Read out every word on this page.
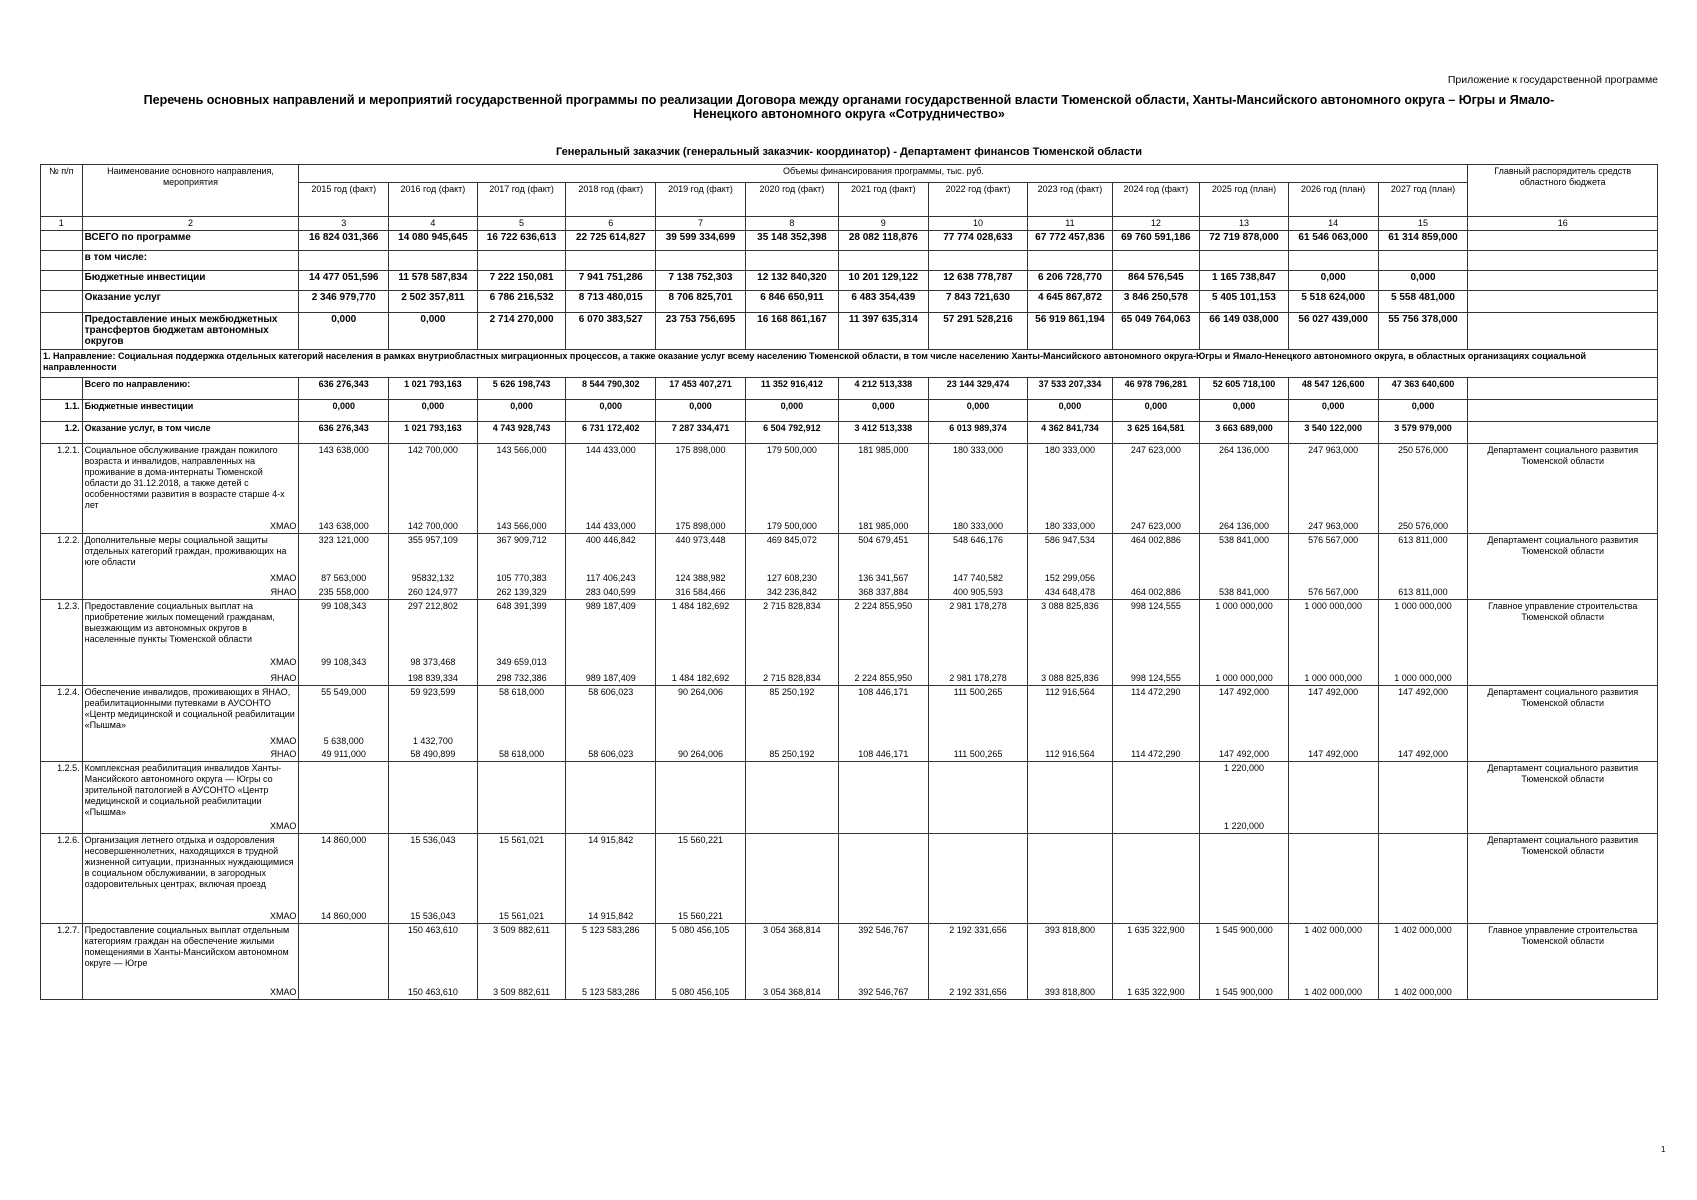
Приложение к государственной программе
Перечень основных направлений и мероприятий государственной программы по реализации Договора между органами государственной власти Тюменской области, Ханты-Мансийского автономного округа – Югры и Ямало-
Ненецкого автономного округа «Сотрудничество»
Генеральный заказчик (генеральный заказчик- координатор) - Департамент финансов Тюменской области
№ п/п	Наименование основного направления, мероприятия	Объемы финансирования программы, тыс. руб.													Главный распорядитель средств областного бюджета
		2015 год (факт)	2016 год (факт)	2017 год (факт)	2018 год (факт)	2019 год (факт)	2020 год (факт)	2021 год (факт)	2022 год (факт)	2023 год (факт)	2024 год (факт)	2025 год (план)	2026 год (план)	2027 год (план)	
1	2	3	4	5	6	7	8	9	10	11	12	13	14	15	16
	ВСЕГО по программе	16 824 031,366	14 080 945,645	16 722 636,613	22 725 614,827	39 599 334,699	35 148 352,398	28 082 118,876	77 774 028,633	67 772 457,836	69 760 591,186	72 719 878,000	61 546 063,000	61 314 859,000	
	в том числе:														
	Бюджетные инвестиции	14 477 051,596	11 578 587,834	7 222 150,081	7 941 751,286	7 138 752,303	12 132 840,320	10 201 129,122	12 638 778,787	6 206 728,770	864 576,545	1 165 738,847	0,000	0,000	
	Оказание услуг	2 346 979,770	2 502 357,811	6 786 216,532	8 713 480,015	8 706 825,701	6 846 650,911	6 483 354,439	7 843 721,630	4 645 867,872	3 846 250,578	5 405 101,153	5 518 624,000	5 558 481,000	
	Предоставление иных межбюджетных трансфертов бюджетам автономных округов	0,000	0,000	2 714 270,000	6 070 383,527	23 753 756,695	16 168 861,167	11 397 635,314	57 291 528,216	56 919 861,194	65 049 764,063	66 149 038,000	56 027 439,000	55 756 378,000	
1. Направление: Социальная поддержка отдельных категорий населения в рамках внутриобластных миграционных процессов, а также оказание услуг всему населению Тюменской области, в том числе населению Ханты-Мансийского автономного округа-Югры и Ямало-Ненецкого автономного округа, в областных организациях социальной направленности															
	Всего по направлению:	636 276,343	1 021 793,163	5 626 198,743	8 544 790,302	17 453 407,271	11 352 916,412	4 212 513,338	23 144 329,474	37 533 207,334	46 978 796,281	52 605 718,100	48 547 126,600	47 363 640,600	
1.1.	Бюджетные инвестиции	0,000	0,000	0,000	0,000	0,000	0,000	0,000	0,000	0,000	0,000	0,000	0,000	0,000	
1.2.	Оказание услуг, в том числе	636 276,343	1 021 793,163	4 743 928,743	6 731 172,402	7 287 334,471	6 504 792,912	3 412 513,338	6 013 989,374	4 362 841,734	3 625 164,581	3 663 689,000	3 540 122,000	3 579 979,000	
1.2.1.	Социальное обслуживание граждан пожилого возраста и инвалидов, направленных на проживание в дома-интернаты Тюменской области до 31.12.2018, а также детей с особенностями развития в возрасте старше 4-х лет	143 638,000	142 700,000	143 566,000	144 433,000	175 898,000	179 500,000	181 985,000	180 333,000	180 333,000	247 623,000	264 136,000	247 963,000	250 576,000	Департамент социального развития Тюменской области
	ХМАО	143 638,000	142 700,000	143 566,000	144 433,000	175 898,000	179 500,000	181 985,000	180 333,000	180 333,000	247 623,000	264 136,000	247 963,000	250 576,000	
1.2.2.	Дополнительные меры социальной защиты отдельных категорий граждан, проживающих на юге области	323 121,000	355 957,109	367 909,712	400 446,842	440 973,448	469 845,072	504 679,451	548 646,176	586 947,534	464 002,886	538 841,000	576 567,000	613 811,000	Департамент социального развития Тюменской области
	ХМАО	87 563,000	95832,132	105 770,383	117 406,243	124 388,982	127 608,230	136 341,567	147 740,582	152 299,056					
	ЯНАО	235 558,000	260 124,977	262 139,329	283 040,599	316 584,466	342 236,842	368 337,884	400 905,593	434 648,478	464 002,886	538 841,000	576 567,000	613 811,000	
1.2.3.	Предоставление социальных выплат на приобретение жилых помещений гражданам, выезжающим из автономных округов в населенные пункты Тюменской области	99 108,343	297 212,802	648 391,399	989 187,409	1 484 182,692	2 715 828,834	2 224 855,950	2 981 178,278	3 088 825,836	998 124,555	1 000 000,000	1 000 000,000	1 000 000,000	Главное управление строительства Тюменской области
	ХМАО	99 108,343	98 373,468	349 659,013											
	ЯНАО		198 839,334	298 732,386	989 187,409	1 484 182,692	2 715 828,834	2 224 855,950	2 981 178,278	3 088 825,836	998 124,555	1 000 000,000	1 000 000,000	1 000 000,000	
1.2.4.	Обеспечение инвалидов, проживающих в ЯНАО, реабилитационными путевками в АУСОНТО «Центр медицинской и социальной реабилитации «Пышма»	55 549,000	59 923,599	58 618,000	58 606,023	90 264,006	85 250,192	108 446,171	111 500,265	112 916,564	114 472,290	147 492,000	147 492,000	147 492,000	Департамент социального развития Тюменской области
	ХМАО	5 638,000	1 432,700												
	ЯНАО	49 911,000	58 490,899	58 618,000	58 606,023	90 264,006	85 250,192	108 446,171	111 500,265	112 916,564	114 472,290	147 492,000	147 492,000	147 492,000	
1.2.5.	Комплексная реабилитация инвалидов Ханты-Мансийского автономного округа — Югры со зрительной патологией в АУСОНТО «Центр медицинской и социальной реабилитации «Пышма»											1 220,000			Департамент социального развития Тюменской области
	ХМАО											1 220,000			
1.2.6.	Организация летнего отдыха и оздоровления несовершеннолетних, находящихся в трудной жизненной ситуации, признанных нуждающимися в социальном обслуживании, в загородных оздоровительных центрах, включая проезд	14 860,000	15 536,043	15 561,021	14 915,842	15 560,221									Департамент социального развития Тюменской области
	ХМАО	14 860,000	15 536,043	15 561,021	14 915,842	15 560,221									
1.2.7.	Предоставление социальных выплат отдельным категориям граждан на обеспечение жилыми помещениями в Ханты-Мансийском автономном округе — Югре		150 463,610	3 509 882,611	5 123 583,286	5 080 456,105	3 054 368,814	392 546,767	2 192 331,656	393 818,800	1 635 322,900	1 545 900,000	1 402 000,000	1 402 000,000	Главное управление строительства Тюменской области
	ХМАО		150 463,610	3 509 882,611	5 123 583,286	5 080 456,105	3 054 368,814	392 546,767	2 192 331,656	393 818,800	1 635 322,900	1 545 900,000	1 402 000,000	1 402 000,000	
1
